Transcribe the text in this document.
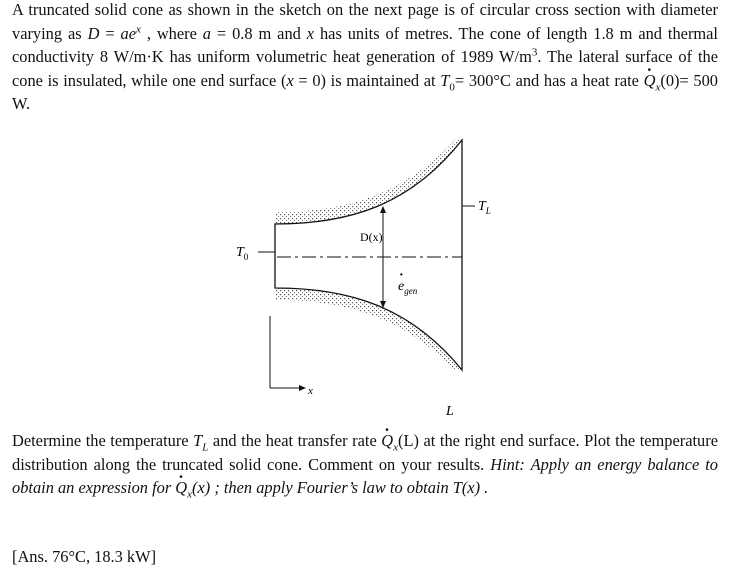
A truncated solid cone as shown in the sketch on the next page is of circular cross section with diameter varying as $D = ae^x$ , where a = 0.8 m and x has units of metres. The cone of length 1.8 m and thermal conductivity 8 W/m·K has uniform volumetric heat generation of 1989 $W/m^3$. The lateral surface of the cone is insulated, while one end surface (x = 0) is maintained at $T_0= 300^\circ C$ and has a heat rate · $Q_x(0)= 500$ W.

$T_0$
$T_L$
D(x)
$e_{gen}$
·
L
x

Determine the temperature $T_L$ and the heat transfer rate · $Q_x(L)$ at the right end surface. Plot the temperature distribution along the truncated solid cone. Comment on your results. Hint: Apply an energy balance to obtain an expression for · $Q_x(x)$ ; then apply Fourier’s law to obtain T(x) .

[Ans. 76°C, 18.3 kW]
